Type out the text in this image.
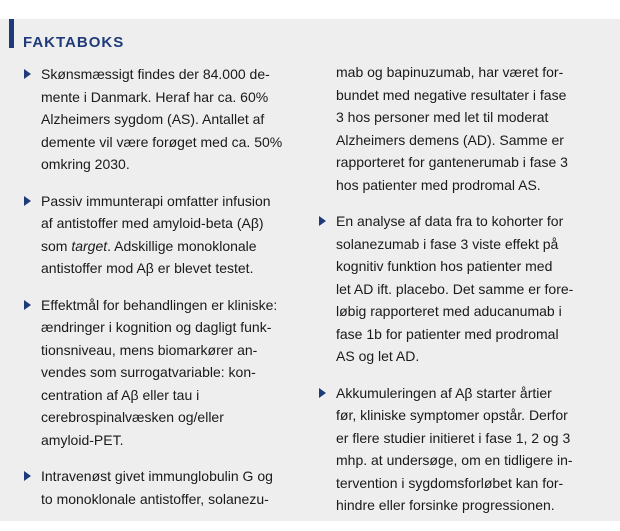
FAKTABOKS
Skønsmæssigt findes der 84.000 de-
mente i Danmark. Heraf har ca. 60%
Alzheimers sygdom (AS). Antallet af
demente vil være forøget med ca. 50%
omkring 2030.
Passiv immunterapi omfatter infusion
af antistoffer med amyloid-beta (Aβ)
som target. Adskillige monoklonale
antistoffer mod Aβ er blevet testet.
Effektmål for behandlingen er kliniske:
ændringer i kognition og dagligt funk-
tionsniveau, mens biomarkører an-
vendes som surrogatvariable: kon-
centration af Aβ eller tau i
cerebrospinalvæsken og/eller
amyloid-PET.
Intravenøst givet immunglobulin G og
to monoklonale antistoffer, solanezu-
mab og bapinuzumab, har været for-
bundet med negative resultater i fase
3 hos personer med let til moderat
Alzheimers demens (AD). Samme er
rapporteret for gantenerumab i fase 3
hos patienter med prodromal AS.
En analyse af data fra to kohorter for
solanezumab i fase 3 viste effekt på
kognitiv funktion hos patienter med
let AD ift. placebo. Det samme er fore-
løbig rapporteret med aducanumab i
fase 1b for patienter med prodromal
AS og let AD.
Akkumuleringen af Aβ starter årtier
før, kliniske symptomer opstår. Derfor
er flere studier initieret i fase 1, 2 og 3
mhp. at undersøge, om en tidligere in-
tervention i sygdomsforløbet kan for-
hindre eller forsinke progressionen.
